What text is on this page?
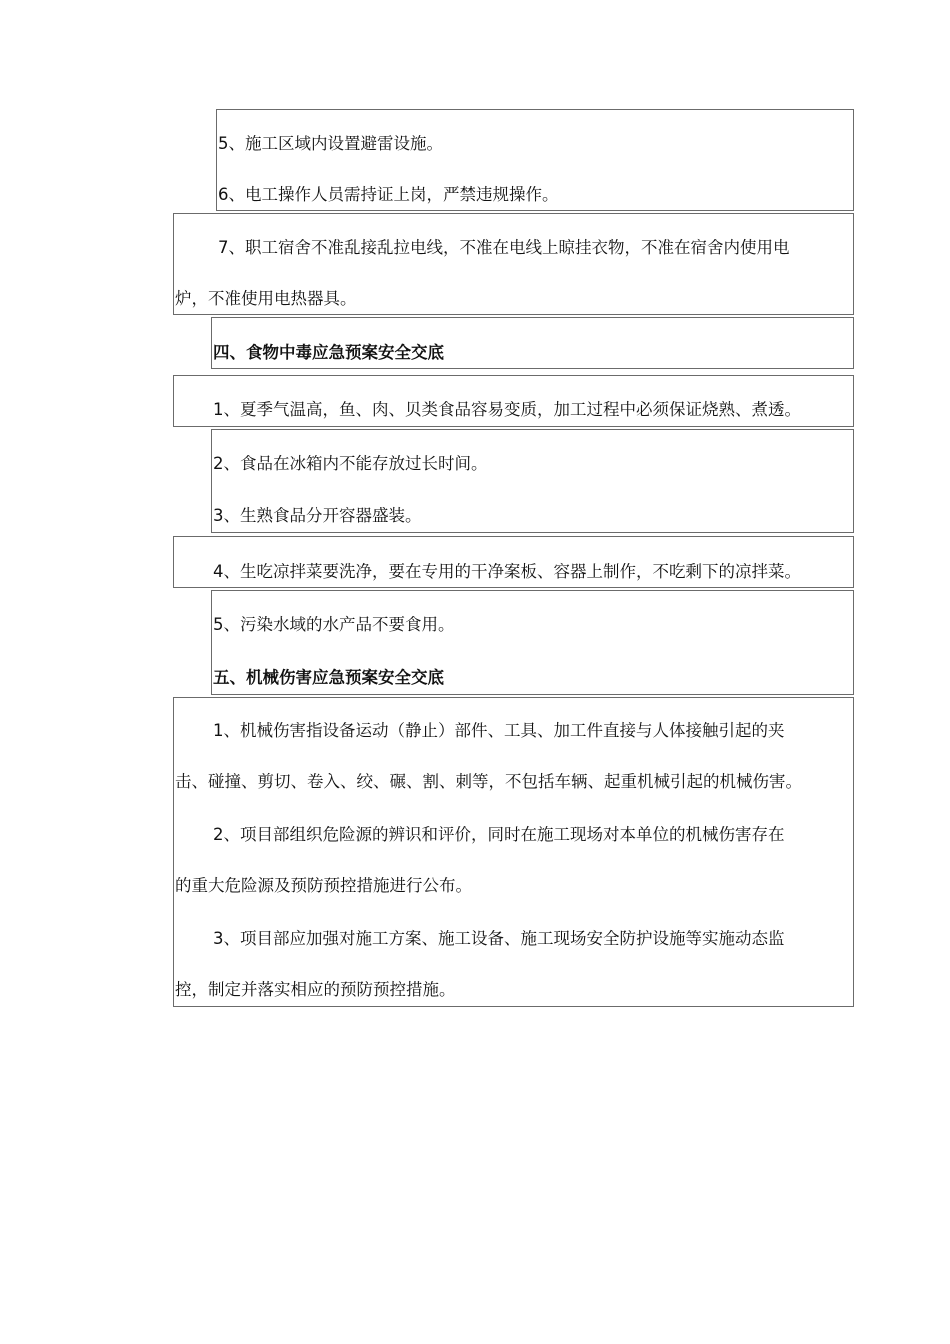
5、施工区域内设置避雷设施。
6、电工操作人员需持证上岗，严禁违规操作。
7、职工宿舍不准乱接乱拉电线，不准在电线上晾挂衣物，不准在宿舍内使用电
炉，不准使用电热器具。
四、食物中毒应急预案安全交底
1、夏季气温高，鱼、肉、贝类食品容易变质，加工过程中必须保证烧熟、煮透。
2、食品在冰箱内不能存放过长时间。
3、生熟食品分开容器盛装。
4、生吃凉拌菜要洗净，要在专用的干净案板、容器上制作，不吃剩下的凉拌菜。
5、污染水域的水产品不要食用。
五、机械伤害应急预案安全交底
1、机械伤害指设备运动（静止）部件、工具、加工件直接与人体接触引起的夹
击、碰撞、剪切、卷入、绞、碾、割、刺等，不包括车辆、起重机械引起的机械伤害。
2、项目部组织危险源的辨识和评价，同时在施工现场对本单位的机械伤害存在
的重大危险源及预防预控措施进行公布。
3、项目部应加强对施工方案、施工设备、施工现场安全防护设施等实施动态监
控，制定并落实相应的预防预控措施。
